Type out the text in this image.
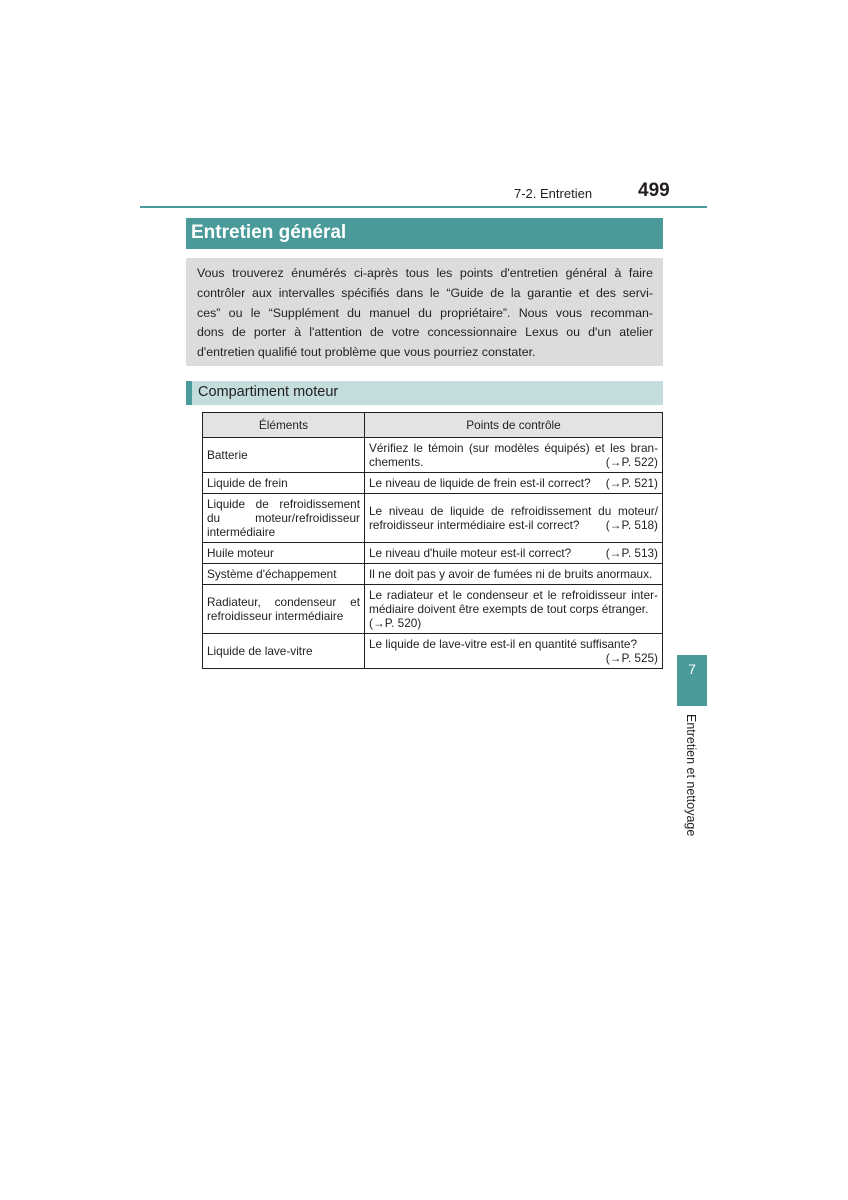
7-2. Entretien 499
Entretien général

Vous trouverez énumérés ci-après tous les points d'entretien général à faire
contrôler aux intervalles spécifiés dans le “Guide de la garantie et des servi-
ces” ou le “Supplément du manuel du propriétaire”. Nous vous recomman-
dons de porter à l'attention de votre concessionnaire Lexus ou d'un atelier
d'entretien qualifié tout problème que vous pourriez constater.

Compartiment moteur
Éléments	Points de contrôle
Batterie	Vérifiez le témoin (sur modèles équipés) et les bran-
chements. (→P. 522)

Liquide de frein	Le niveau de liquide de frein est-il correct? (→P. 521)

Liquide de refroidissement
du moteur/refroidisseur
intermédiaire	Le niveau de liquide de refroidissement du moteur/
refroidisseur intermédiaire est-il correct? (→P. 518)

Huile moteur	Le niveau d'huile moteur est-il correct? (→P. 513)

Système d'échappement	Il ne doit pas y avoir de fumées ni de bruits anormaux.

Radiateur, condenseur et
refroidisseur intermédiaire	Le radiateur et le condenseur et le refroidisseur inter-
médiaire doivent être exempts de tout corps étranger.
(→P. 520)

Liquide de lave-vitre	Le liquide de lave-vitre est-il en quantité suffisante?
(→P. 525)
7
Entretien et nettoyage
